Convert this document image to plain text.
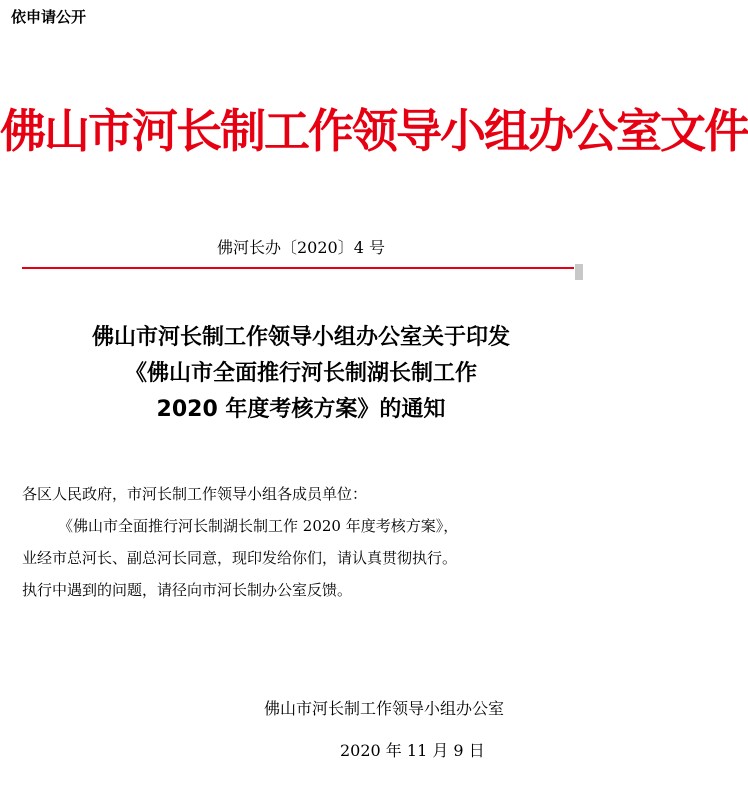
依申请公开
佛山市河长制工作领导小组办公室文件
佛河长办〔2020〕4 号
佛山市河长制工作领导小组办公室关于印发
《佛山市全面推行河长制湖长制工作
2020 年度考核方案》的通知

各区人民政府，市河长制工作领导小组各成员单位：

《佛山市全面推行河长制湖长制工作 2020 年度考核方案》，

业经市总河长、副总河长同意，现印发给你们，请认真贯彻执行。

执行中遇到的问题，请径向市河长制办公室反馈。

佛山市河长制工作领导小组办公室
2020 年 11 月 9 日
